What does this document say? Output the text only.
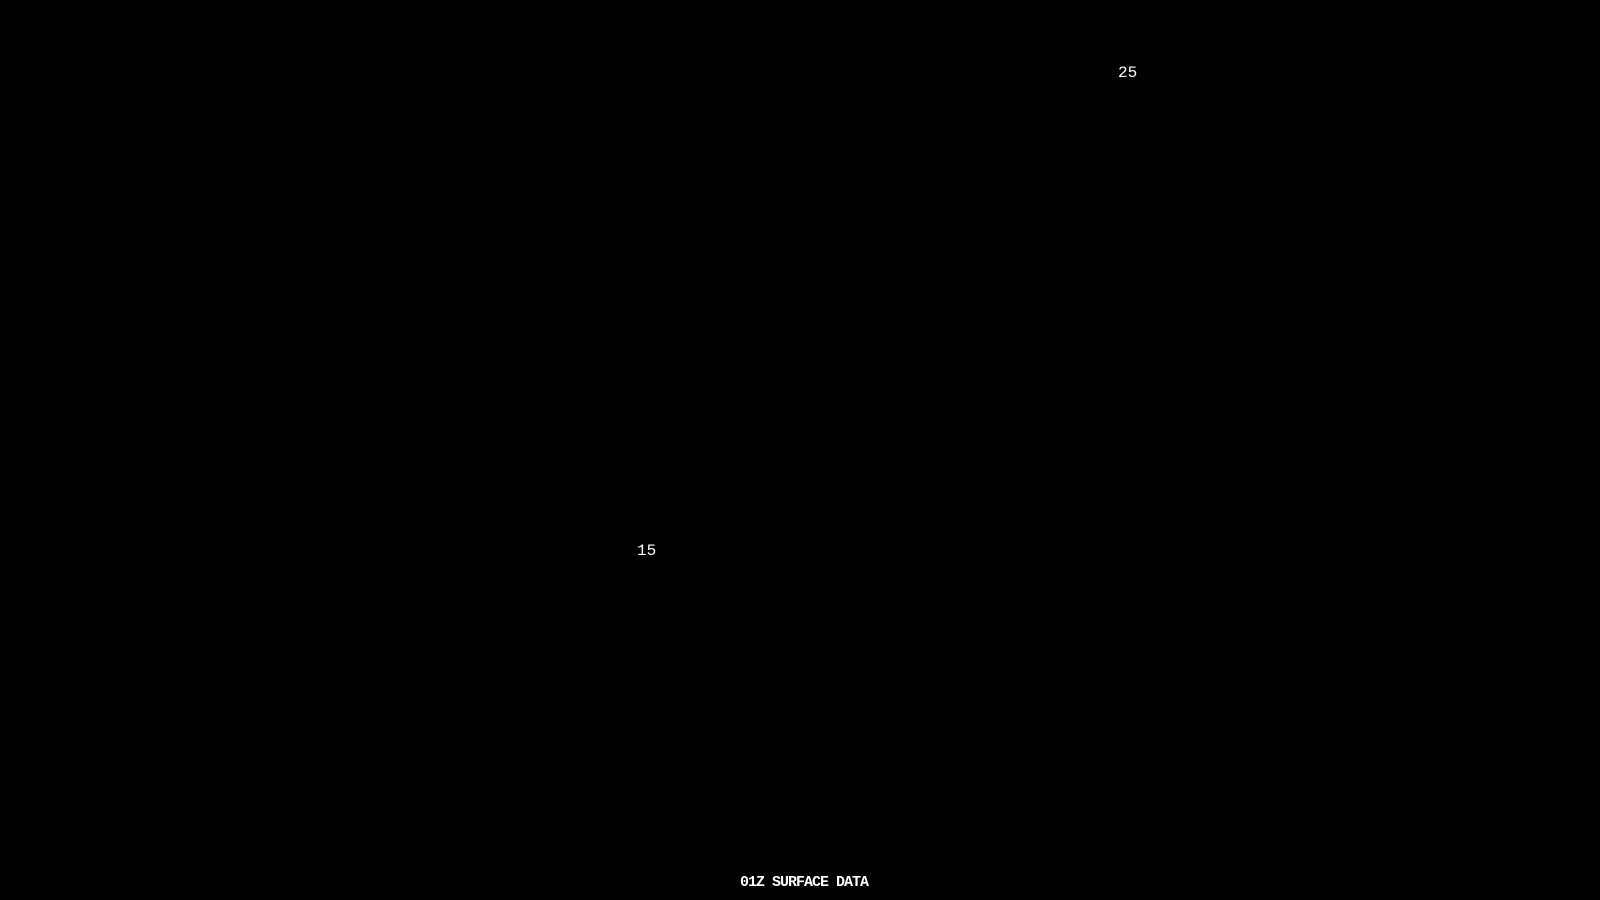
25
15
01Z SURFACE DATA
